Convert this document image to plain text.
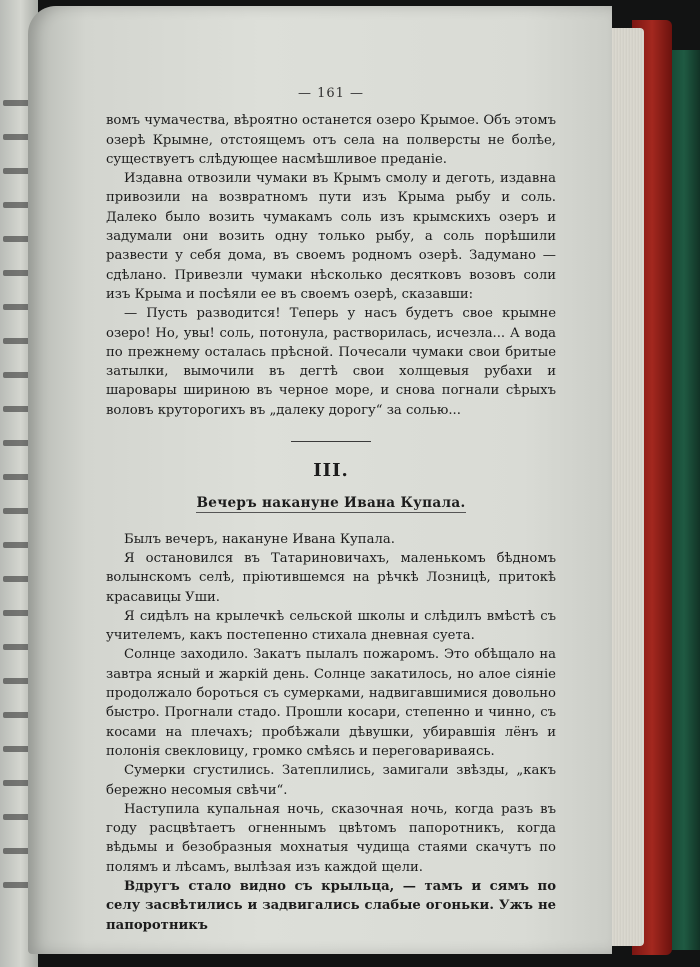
— 161 —

вомъ чумачества, вѣроятно останется озеро Крымое. Объ этомъ озерѣ Крымне, отстоящемъ отъ села на полверсты не болѣе, существуетъ слѣдующее насмѣшливое преданіе.

Издавна отвозили чумаки въ Крымъ смолу и деготь, издавна привозили на возвратномъ пути изъ Крыма рыбу и соль. Далеко было возить чумакамъ соль изъ крымскихъ озеръ и задумали они возить одну только рыбу, а соль порѣшили развести у себя дома, въ своемъ родномъ озерѣ. Задумано — сдѣлано. Привезли чумаки нѣсколько десятковъ возовъ соли изъ Крыма и посѣяли ее въ своемъ озерѣ, сказавши:

— Пусть разводится! Теперь у насъ будетъ свое крымне озеро! Но, увы! соль, потонула, растворилась, исчезла... А вода по прежнему осталась прѣсной. Почесали чумаки свои бритые затылки, вымочили въ дегтѣ свои холщевыя рубахи и шаровары шириною въ черное море, и снова погнали сѣрыхъ воловъ круторогихъ въ „далеку дорогу“ за солью...

III.
Вечеръ накануне Ивана Купала.

Былъ вечеръ, накануне Ивана Купала.

Я остановился въ Татариновичахъ, маленькомъ бѣдномъ волынскомъ селѣ, пріютившемся на рѣчкѣ Лозницѣ, притокѣ красавицы Уши.

Я сидѣлъ на крылечкѣ сельской школы и слѣдилъ вмѣстѣ съ учителемъ, какъ постепенно стихала дневная суета.

Солнце заходило. Закатъ пылалъ пожаромъ. Это обѣщало на завтра ясный и жаркій день. Солнце закатилось, но алое сіяніе продолжало бороться съ сумерками, надвигавшимися довольно быстро. Прогнали стадо. Прошли косари, степенно и чинно, съ косами на плечахъ; пробѣжали дѣвушки, убиравшія лёнъ и полонія свекловицу, громко смѣясь и переговариваясь.

Сумерки сгустились. Затеплились, замигали звѣзды, „какъ бережно несомыя свѣчи“.

Наступила купальная ночь, сказочная ночь, когда разъ въ году расцвѣтаетъ огненнымъ цвѣтомъ папоротникъ, когда вѣдьмы и безобразныя мохнатыя чудища стаями скачутъ по полямъ и лѣсамъ, вылѣзая изъ каждой щели.

Вдругъ стало видно съ крыльца, — тамъ и сямъ по селу засвѣтились и задвигались слабые огоньки. Ужъ не папоротникъ
